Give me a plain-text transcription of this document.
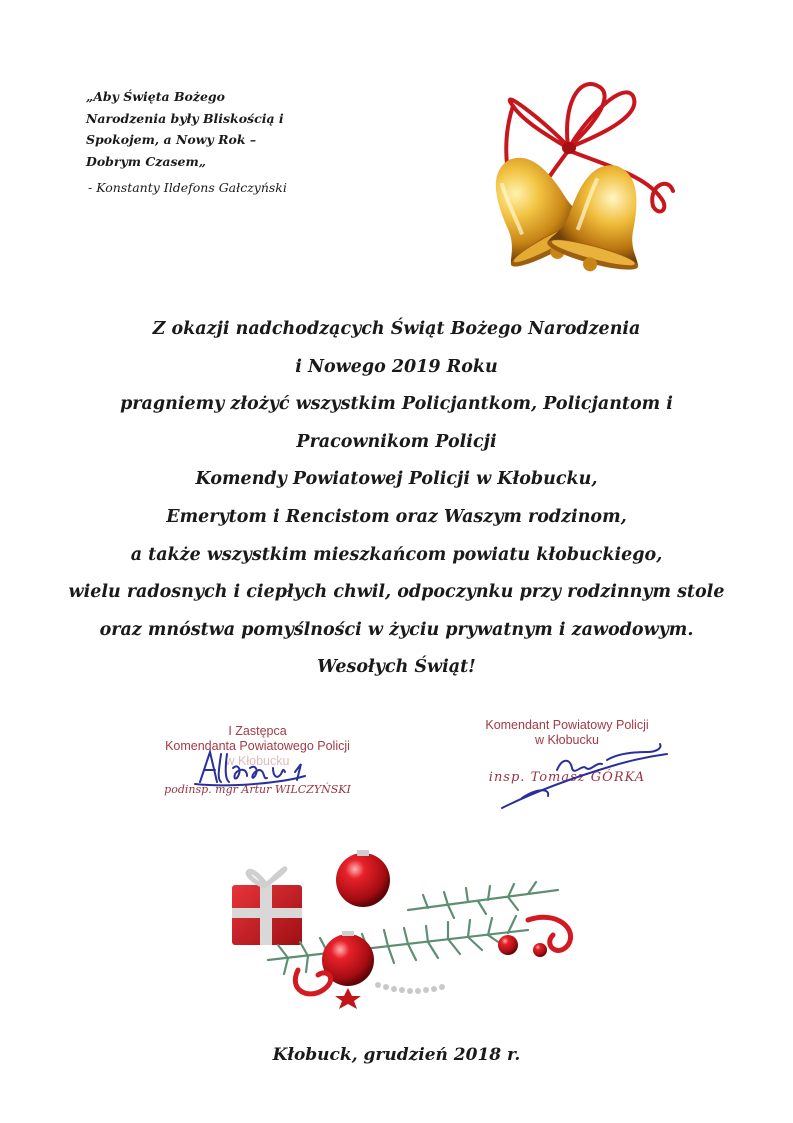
„Aby Święta Bożego
Narodzenia były Bliskością i
Spokojem, a Nowy Rok –
Dobrym Czasem„
- Konstanty Ildefons Gałczyński
Z okazji nadchodzących Świąt Bożego Narodzenia
i Nowego 2019 Roku
pragniemy złożyć wszystkim Policjantkom, Policjantom i
Pracownikom Policji
Komendy Powiatowej Policji w Kłobucku,
Emerytom i Rencistom oraz Waszym rodzinom,
a także wszystkim mieszkańcom powiatu kłobuckiego,
wielu radosnych i ciepłych chwil, odpoczynku przy rodzinnym stole
oraz mnóstwa pomyślności w życiu prywatnym i zawodowym.
Wesołych Świąt!
I Zastępca
Komendanta Powiatowego Policji
w Kłobucku
podinsp. mgr Artur WILCZYŃSKI
Komendant Powiatowy Policji
w Kłobucku
insp. Tomasz GÓRKA
Kłobuck, grudzień 2018 r.
